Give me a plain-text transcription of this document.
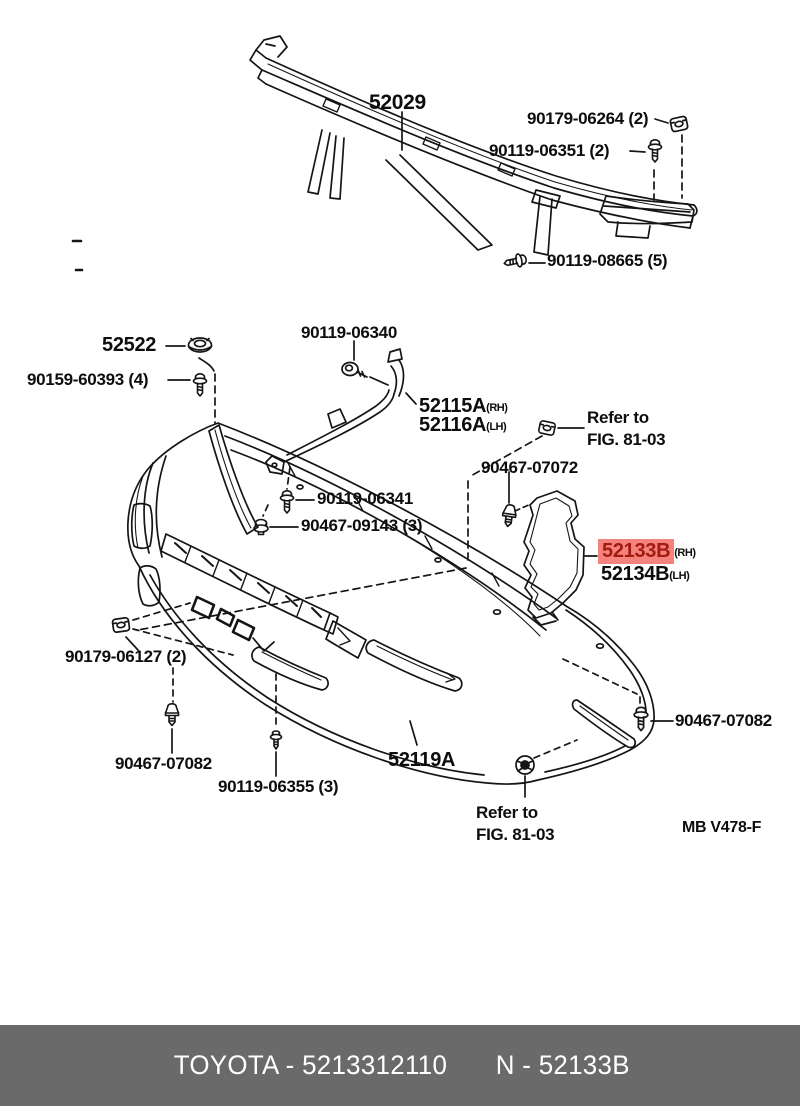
52029
90179-06264 (2)
90119-06351 (2)
90119-08665 (5)
52522
90159-60393 (4)
90119-06340
52115A(RH)
52116A(LH)	Refer to
FIG. 81-03
90467-07072
52133B (RH)
52134B(LH)
90119-06341
90467-09143 (3)
90179-06127 (2)
90467-07082
90119-06355 (3)
52119A
Refer to
FIG. 81-03
90467-07082
MB V478-F
TOYOTA - 5213312110 N - 52133B
